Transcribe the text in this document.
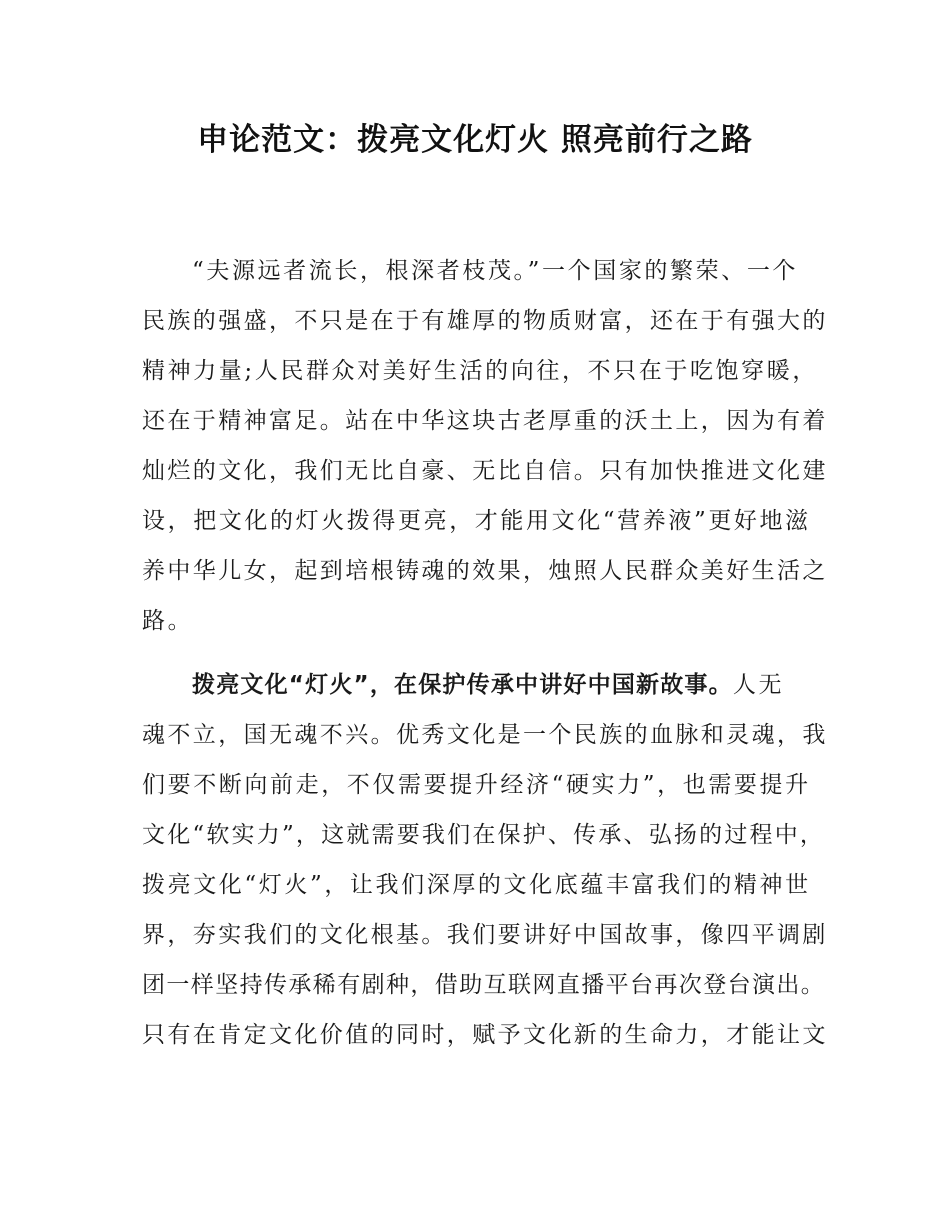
申论范文：拨亮文化灯火 照亮前行之路
“夫源远者流长，根深者枝茂。”一个国家的繁荣、一个
民族的强盛，不只是在于有雄厚的物质财富，还在于有强大的
精神力量;人民群众对美好生活的向往，不只在于吃饱穿暖，
还在于精神富足。站在中华这块古老厚重的沃土上，因为有着
灿烂的文化，我们无比自豪、无比自信。只有加快推进文化建
设，把文化的灯火拨得更亮，才能用文化“营养液”更好地滋
养中华儿女，起到培根铸魂的效果，烛照人民群众美好生活之
路。
拨亮文化“灯火”，在保护传承中讲好中国新故事。人无
魂不立，国无魂不兴。优秀文化是一个民族的血脉和灵魂，我
们要不断向前走，不仅需要提升经济“硬实力”，也需要提升
文化“软实力”，这就需要我们在保护、传承、弘扬的过程中，
拨亮文化“灯火”，让我们深厚的文化底蕴丰富我们的精神世
界，夯实我们的文化根基。我们要讲好中国故事，像四平调剧
团一样坚持传承稀有剧种，借助互联网直播平台再次登台演出。
只有在肯定文化价值的同时，赋予文化新的生命力，才能让文
